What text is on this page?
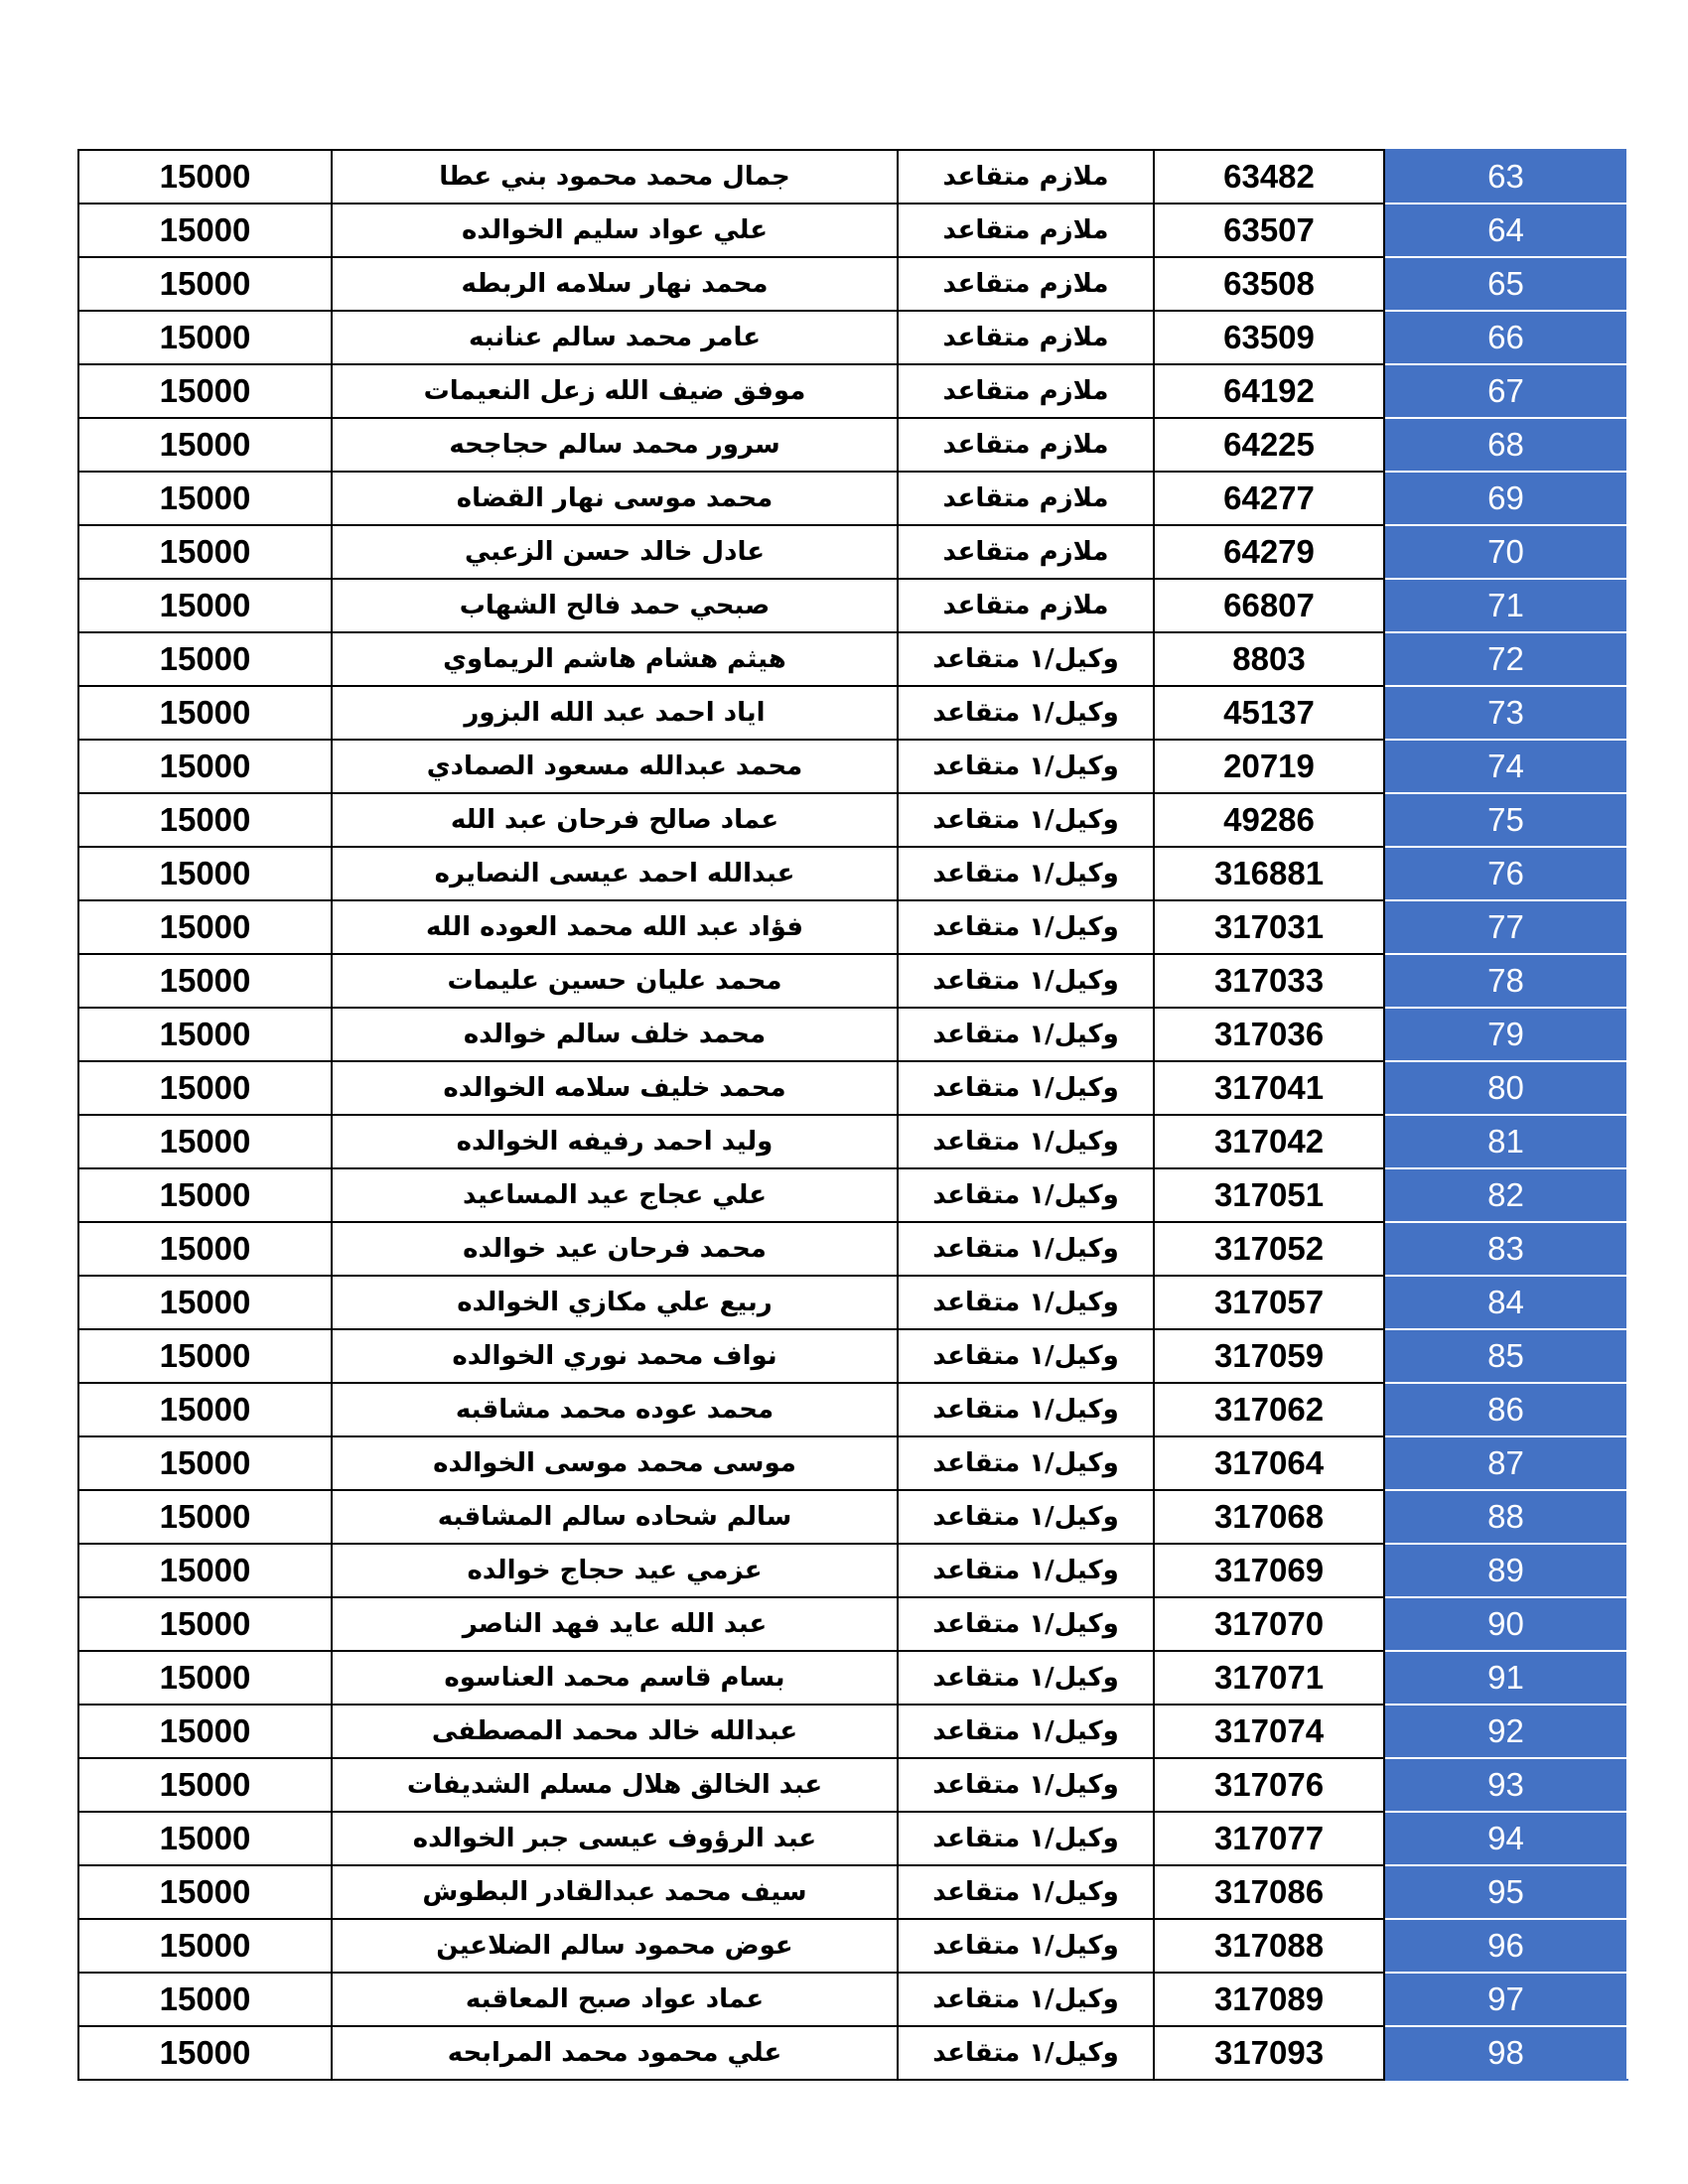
15000	جمال محمد محمود بني عطا	ملازم متقاعد	63482	63
15000	علي عواد سليم الخوالده	ملازم متقاعد	63507	64
15000	محمد نهار سلامه الربطه	ملازم متقاعد	63508	65
15000	عامر محمد سالم عنانبه	ملازم متقاعد	63509	66
15000	موفق ضيف الله زعل النعيمات	ملازم متقاعد	64192	67
15000	سرور محمد سالم حجاجحه	ملازم متقاعد	64225	68
15000	محمد موسى نهار القضاه	ملازم متقاعد	64277	69
15000	عادل خالد حسن الزعبي	ملازم متقاعد	64279	70
15000	صبحي حمد فالح الشهاب	ملازم متقاعد	66807	71
15000	هيثم هشام هاشم الريماوي	وكيل/١ متقاعد	8803	72
15000	اياد احمد عبد الله البزور	وكيل/١ متقاعد	45137	73
15000	محمد عبدالله مسعود الصمادي	وكيل/١ متقاعد	20719	74
15000	عماد صالح فرحان عبد الله	وكيل/١ متقاعد	49286	75
15000	عبدالله احمد عيسى النصايره	وكيل/١ متقاعد	316881	76
15000	فؤاد عبد الله محمد العوده الله	وكيل/١ متقاعد	317031	77
15000	محمد عليان حسين عليمات	وكيل/١ متقاعد	317033	78
15000	محمد خلف سالم خوالده	وكيل/١ متقاعد	317036	79
15000	محمد خليف سلامه الخوالده	وكيل/١ متقاعد	317041	80
15000	وليد احمد رفيفه الخوالده	وكيل/١ متقاعد	317042	81
15000	علي عجاج عيد المساعيد	وكيل/١ متقاعد	317051	82
15000	محمد فرحان عيد خوالده	وكيل/١ متقاعد	317052	83
15000	ربيع علي مكازي الخوالده	وكيل/١ متقاعد	317057	84
15000	نواف محمد نوري الخوالده	وكيل/١ متقاعد	317059	85
15000	محمد عوده محمد مشاقبه	وكيل/١ متقاعد	317062	86
15000	موسى محمد موسى الخوالده	وكيل/١ متقاعد	317064	87
15000	سالم شحاده سالم المشاقبه	وكيل/١ متقاعد	317068	88
15000	عزمي عيد حجاج خوالده	وكيل/١ متقاعد	317069	89
15000	عبد الله عايد فهد الناصر	وكيل/١ متقاعد	317070	90
15000	بسام قاسم محمد العناسوه	وكيل/١ متقاعد	317071	91
15000	عبدالله خالد محمد المصطفى	وكيل/١ متقاعد	317074	92
15000	عبد الخالق هلال مسلم الشديفات	وكيل/١ متقاعد	317076	93
15000	عبد الرؤوف عيسى جبر الخوالده	وكيل/١ متقاعد	317077	94
15000	سيف محمد عبدالقادر البطوش	وكيل/١ متقاعد	317086	95
15000	عوض محمود سالم الضلاعين	وكيل/١ متقاعد	317088	96
15000	عماد عواد صبح المعاقبه	وكيل/١ متقاعد	317089	97
15000	علي محمود محمد المرابحه	وكيل/١ متقاعد	317093	98
